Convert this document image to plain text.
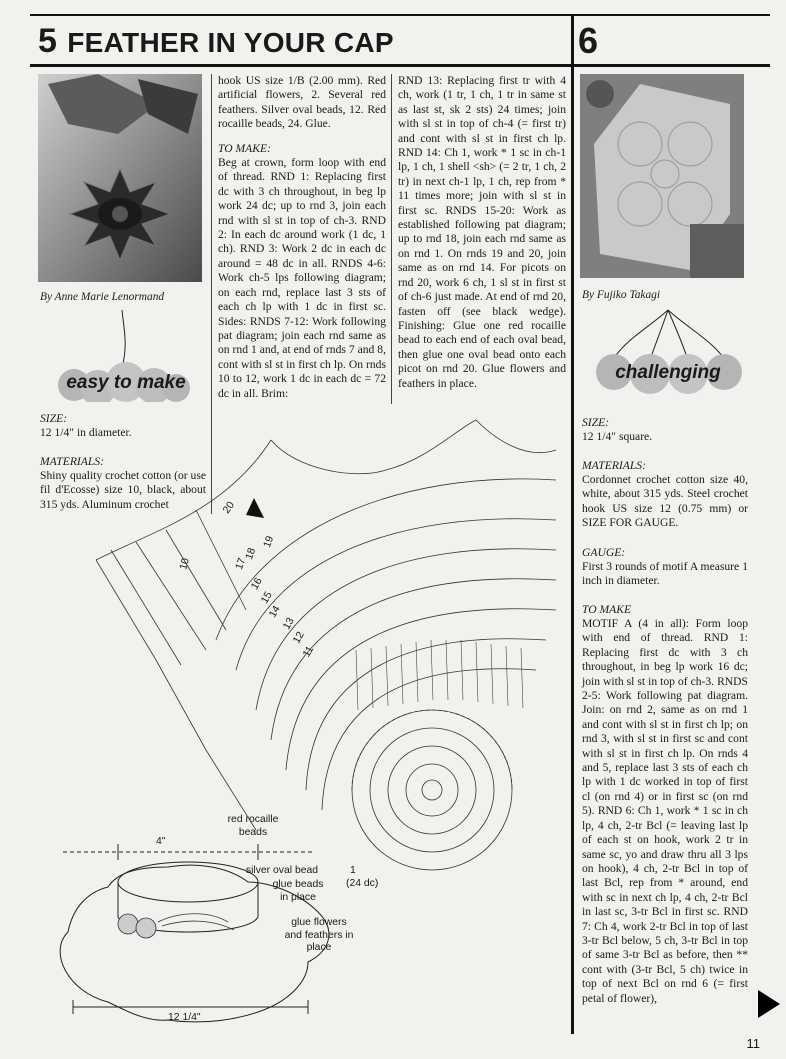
5 FEATHER IN YOUR CAP	6
By Anne Marie Lenormand
easy to make
SIZE:
12 1/4" in diameter.
MATERIALS:
Shiny quality crochet cotton (or use fil d'Ecosse) size 10, black, about 315 yds. Aluminum crochet

hook US size 1/B (2.00 mm). Red artificial flowers, 2. Several red feathers. Silver oval beads, 12. Red rocaille beads, 24. Glue.

TO MAKE:

Beg at crown, form loop with end of thread. RND 1: Replacing first dc with 3 ch throughout, in beg lp work 24 dc; up to rnd 3, join each rnd with sl st in top of ch-3. RND 2: In each dc around work (1 dc, 1 ch). RND 3: Work 2 dc in each dc around = 48 dc in all. RNDS 4-6: Work ch-5 lps following diagram; on each rnd, replace last 3 sts of each ch lp with 1 dc in first sc. Sides: RNDS 7-12: Work following pat diagram; join each rnd same as on rnd 1 and, at end of rnds 7 and 8, cont with sl st in first ch lp. On rnds 10 to 12, work 1 dc in each dc = 72 dc in all. Brim:

RND 13: Replacing first tr with 4 ch, work (1 tr, 1 ch, 1 tr in same st as last st, sk 2 sts) 24 times; join with sl st in top of ch-4 (= first tr) and cont with sl st in first ch lp. RND 14: Ch 1, work * 1 sc in ch-1 lp, 1 ch, 1 shell <sh> (= 2 tr, 1 ch, 2 tr) in next ch-1 lp, 1 ch, rep from * 11 times more; join with sl st in first sc. RNDS 15-20: Work as established following pat diagram; up to rnd 18, join each rnd same as on rnd 1. On rnds 19 and 20, join same as on rnd 14. For picots on rnd 20, work 6 ch, 1 sl st in first st of ch-6 just made. At end of rnd 20, fasten off (see black wedge). Finishing: Glue one red rocaille bead to each end of each oval bead, then glue one oval bead onto each picot on rnd 20. Glue flowers and feathers in place.

20
19
18
17
16
15
14
13
12
11
10
1
(24 dc)
4"
12 1/4"
red rocaille beads
silver oval bead
glue beads in place
glue flowers and feathers in place
By Fujiko Takagi
challenging
SIZE:
12 1/4" square.
MATERIALS:
Cordonnet crochet cotton size 40, white, about 315 yds. Steel crochet hook US size 12 (0.75 mm) or SIZE FOR GAUGE.
GAUGE:
First 3 rounds of motif A measure 1 inch in diameter.
TO MAKE
MOTIF A (4 in all): Form loop with end of thread. RND 1: Replacing first dc with 3 ch throughout, in beg lp work 16 dc; join with sl st in top of ch-3. RNDS 2-5: Work following pat diagram. Join: on rnd 2, same as on rnd 1 and cont with sl st in first ch lp; on rnd 3, with sl st in first sc and cont with sl st in first ch lp. On rnds 4 and 5, replace last 3 sts of each ch lp with 1 dc worked in top of first cl (on rnd 4) or in first sc (on rnd 5). RND 6: Ch 1, work * 1 sc in ch lp, 4 ch, 2-tr Bcl (= leaving last lp of each st on hook, work 2 tr in same sc, yo and draw thru all 3 lps on hook), 4 ch, 2-tr Bcl in top of last Bcl, rep from * around, end with sc in next ch lp, 4 ch, 2-tr Bcl in last sc, 3-tr Bcl in first sc. RND 7: Ch 4, work 2-tr Bcl in top of last 3-tr Bcl below, 5 ch, 3-tr Bcl in top of same 3-tr Bcl as before, then ** cont with (3-tr Bcl, 5 ch) twice in top of next Bcl on rnd 6 (= first petal of flower),
11
